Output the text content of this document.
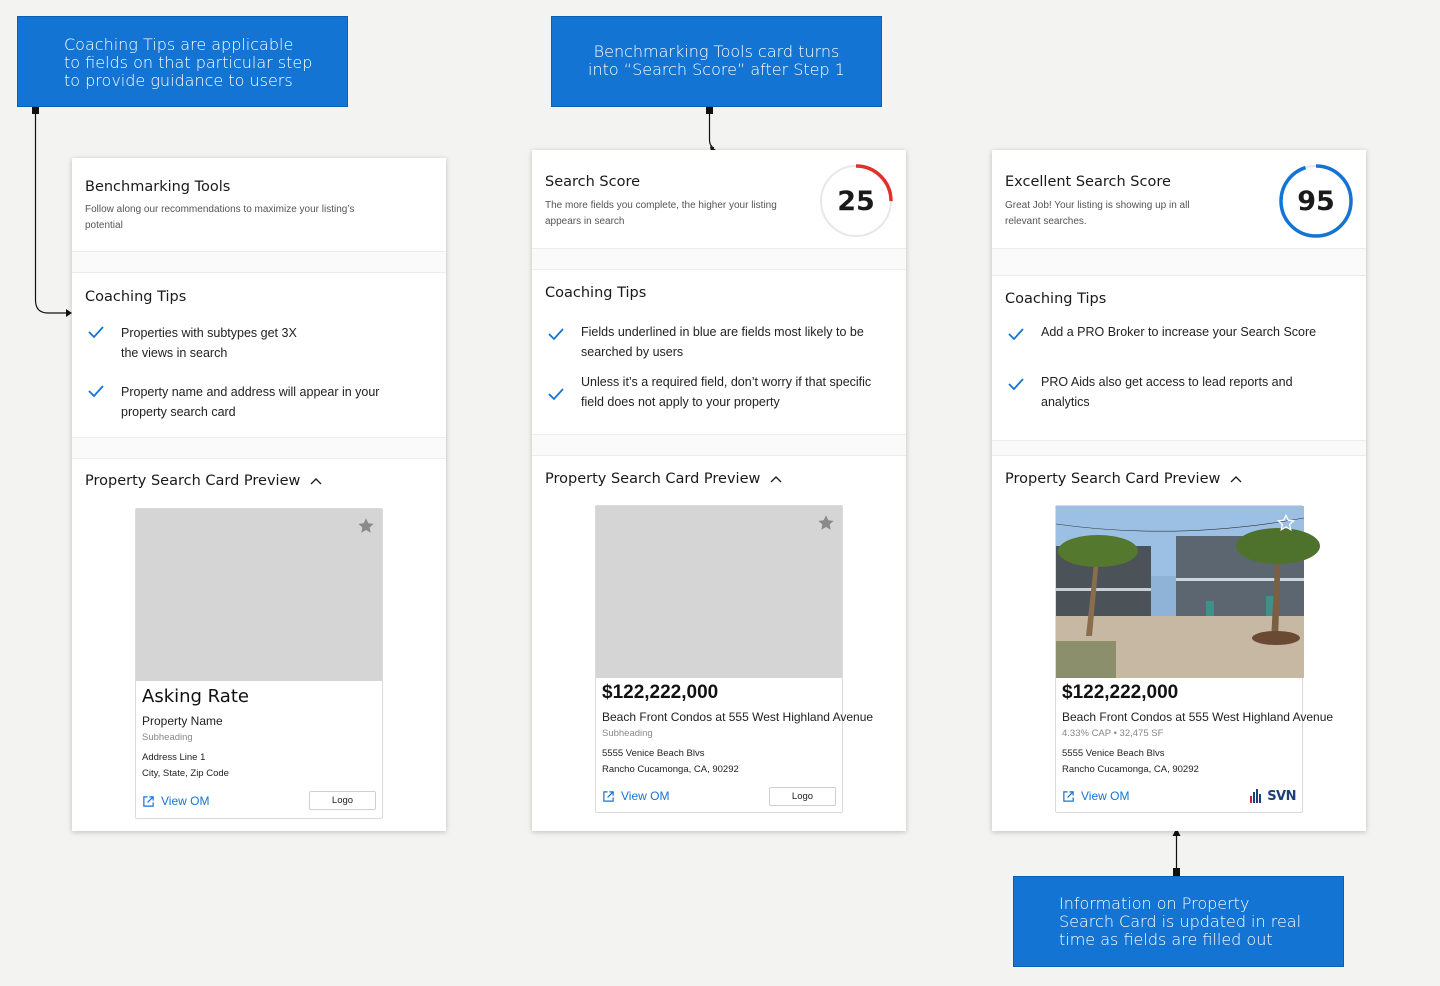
Coaching Tips are applicable
to fields on that particular step
to provide guidance to users

Benchmarking Tools card turns
into “Search Score” after Step 1

Information on Property
Search Card is updated in real
time as fields are filled out

Benchmarking Tools
Follow along our recommendations to maximize your listing’s potential
Coaching Tips
Properties with subtypes get 3X
the views in search
Property name and address will appear in your property search card
Property Search Card Preview
Asking Rate
Property Name
Subheading
Address Line 1
City, State, Zip Code
View OM	Logo
Search Score
The more fields you complete, the higher your listing appears in search
25
Coaching Tips
Fields underlined in blue are fields most likely to be searched by users
Unless it’s a required field, don’t worry if that specific field does not apply to your property
Property Search Card Preview
$122,222,000
Beach Front Condos at 555 West Highland Avenue
Subheading
5555 Venice Beach Blvs
Rancho Cucamonga, CA, 90292
View OM	Logo
Excellent Search Score
Great Job! Your listing is showing up in all relevant searches.
95
Coaching Tips
Add a PRO Broker to increase your Search Score
PRO Aids also get access to lead reports and analytics
Property Search Card Preview
$122,222,000
Beach Front Condos at 555 West Highland Avenue
4.33% CAP • 32,475 SF
5555 Venice Beach Blvs
Rancho Cucamonga, CA, 90292
View OM	SVN
